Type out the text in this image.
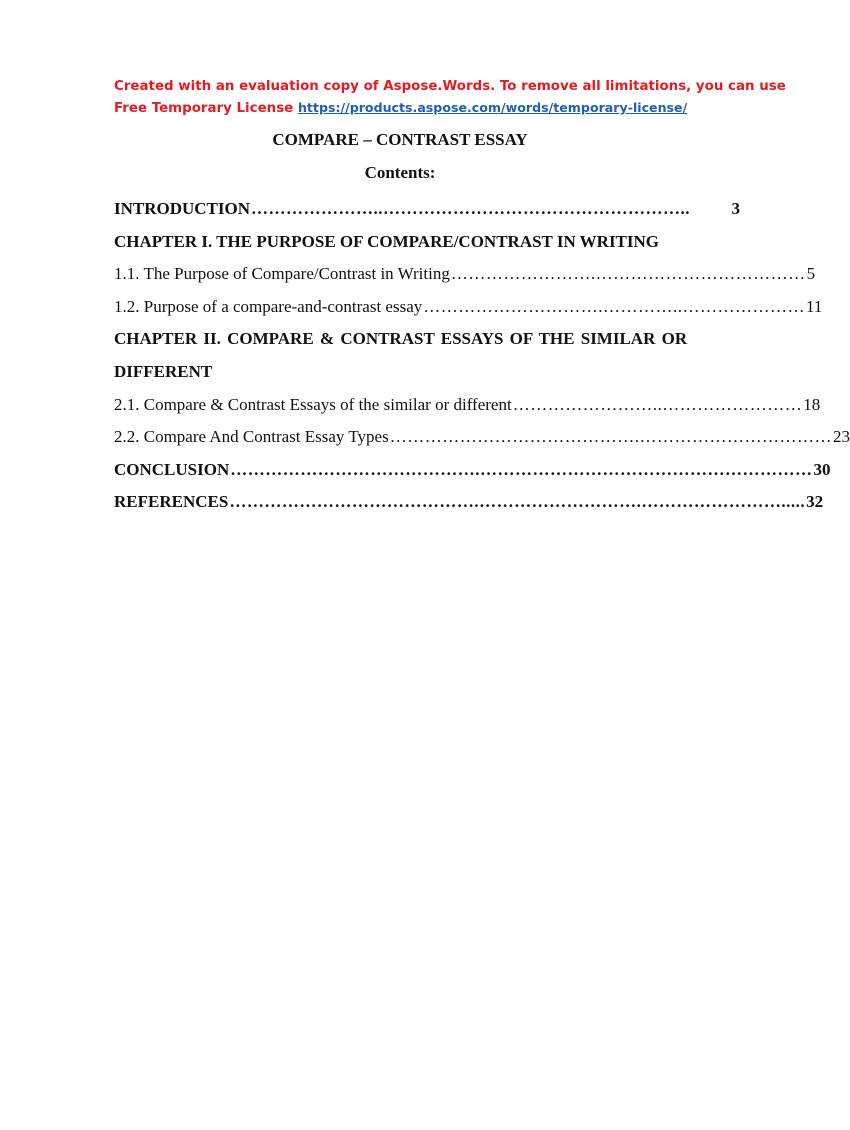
Created with an evaluation copy of Aspose.Words. To remove all limitations, you can use
Free Temporary License https://products.aspose.com/words/temporary-license/
COMPARE – CONTRAST ESSAY
Contents:
INTRODUCTION …………………..……………………………………………..	3
CHAPTER I. THE PURPOSE OF COMPARE/CONTRAST IN WRITING
1.1. The Purpose of Compare/Contrast in Writing …………………….……………………………… 5
1.2. Purpose of a compare-and-contrast essay ………………………….…………..………………… 11
CHAPTER II. COMPARE & CONTRAST ESSAYS OF THE SIMILAR OR
DIFFERENT
2.1. Compare & Contrast Essays of the similar or different ……………………..…………………… 18
2.2. Compare And Contrast Essay Types …………………………………….…………………………… 23
CONCLUSION …………………………………….………………………………………………… 30
REFERENCES …………………………………….……………………….……………………..... 32
